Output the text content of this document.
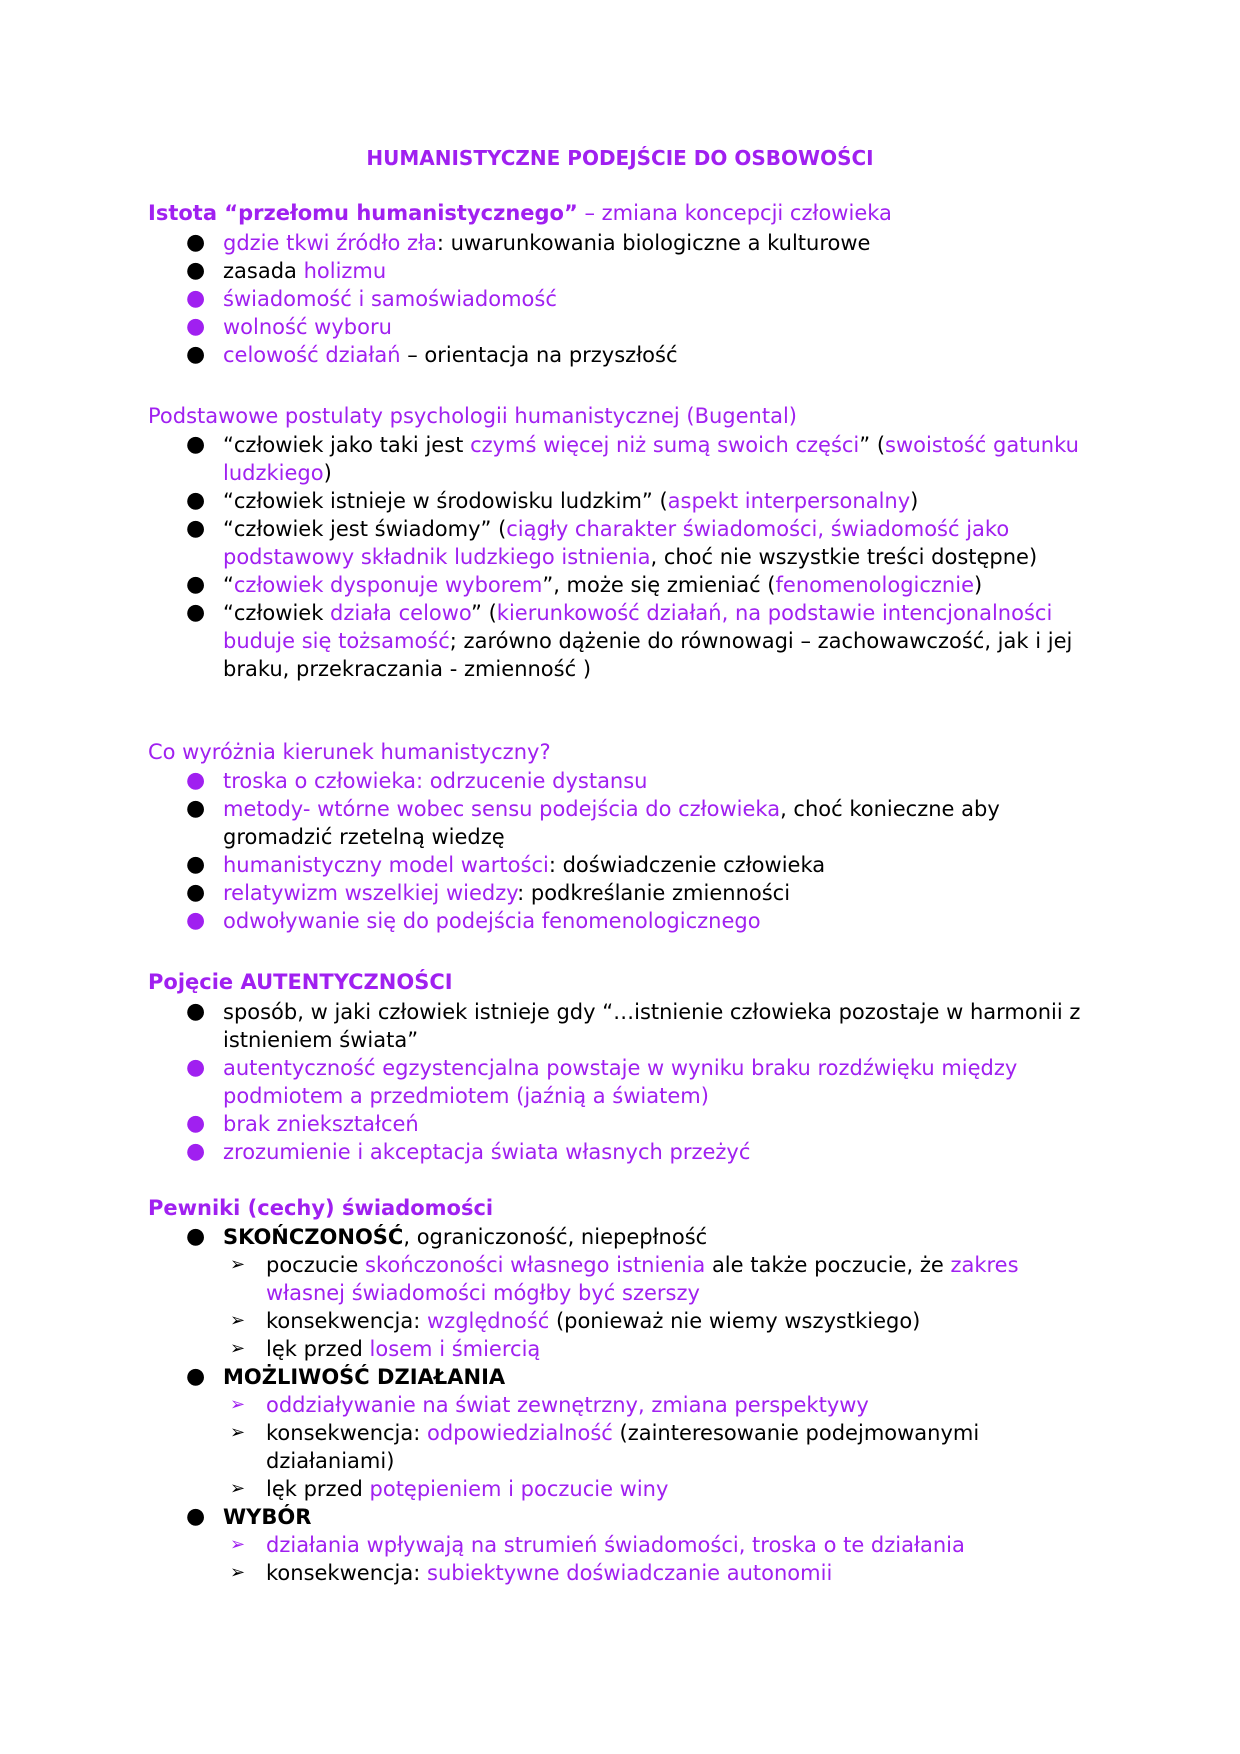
HUMANISTYCZNE PODEJŚCIE DO OSBOWOŚCI

Istota “przełomu humanistycznego” – zmiana koncepcji człowieka

● gdzie tkwi źródło zła: uwarunkowania biologiczne a kulturowe
● zasada holizmu
● świadomość i samoświadomość
● wolność wyboru
● celowość działań – orientacja na przyszłość

Podstawowe postulaty psychologii humanistycznej (Bugental)

● “człowiek jako taki jest czymś więcej niż sumą swoich części” (swoistość gatunku ludzkiego)
● “człowiek istnieje w środowisku ludzkim” (aspekt interpersonalny)
● “człowiek jest świadomy” (ciągły charakter świadomości, świadomość jako podstawowy składnik ludzkiego istnienia, choć nie wszystkie treści dostępne)
● “człowiek dysponuje wyborem”, może się zmieniać (fenomenologicznie)
● “człowiek działa celowo” (kierunkowość działań, na podstawie intencjonalności buduje się tożsamość; zarówno dążenie do równowagi – zachowawczość, jak i jej braku, przekraczania - zmienność )

Co wyróżnia kierunek humanistyczny?

● troska o człowieka: odrzucenie dystansu
● metody- wtórne wobec sensu podejścia do człowieka, choć konieczne aby gromadzić rzetelną wiedzę
● humanistyczny model wartości: doświadczenie człowieka
● relatywizm wszelkiej wiedzy: podkreślanie zmienności
● odwoływanie się do podejścia fenomenologicznego

Pojęcie AUTENTYCZNOŚCI

● sposób, w jaki człowiek istnieje gdy “…istnienie człowieka pozostaje w harmonii z istnieniem świata”
● autentyczność egzystencjalna powstaje w wyniku braku rozdźwięku między podmiotem a przedmiotem (jaźnią a światem)
● brak zniekształceń
● zrozumienie i akceptacja świata własnych przeżyć

Pewniki (cechy) świadomości

● SKOŃCZONOŚĆ, ograniczoność, niepepłność
➢ poczucie skończoności własnego istnienia ale także poczucie, że zakres własnej świadomości mógłby być szerszy
➢ konsekwencja: względność (ponieważ nie wiemy wszystkiego)
➢ lęk przed losem i śmiercią
● MOŻLIWOŚĆ DZIAŁANIA
➢ oddziaływanie na świat zewnętrzny, zmiana perspektywy
➢ konsekwencja: odpowiedzialność (zainteresowanie podejmowanymi działaniami)
➢ lęk przed potępieniem i poczucie winy
● WYBÓR
➢ działania wpływają na strumień świadomości, troska o te działania
➢ konsekwencja: subiektywne doświadczanie autonomii
